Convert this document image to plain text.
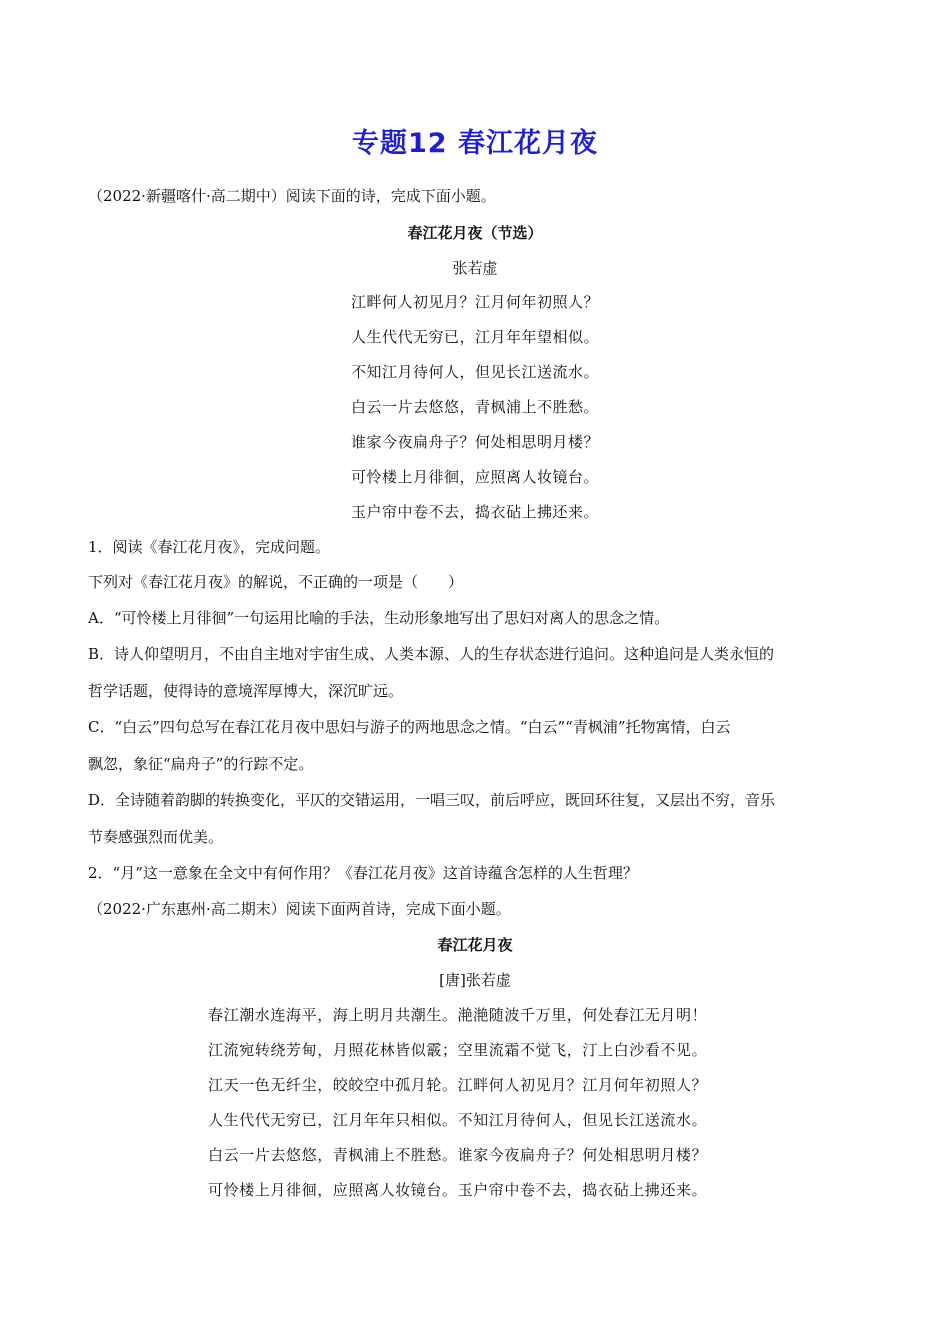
专题12 春江花月夜
（2022·新疆喀什·高二期中）阅读下面的诗，完成下面小题。
春江花月夜（节选）
张若虚
江畔何人初见月？江月何年初照人？
人生代代无穷已，江月年年望相似。
不知江月待何人，但见长江送流水。
白云一片去悠悠，青枫浦上不胜愁。
谁家今夜扁舟子？何处相思明月楼？
可怜楼上月徘徊，应照离人妆镜台。
玉户帘中卷不去，捣衣砧上拂还来。
1．阅读《春江花月夜》，完成问题。
下列对《春江花月夜》的解说，不正确的一项是（　　）
A．“可怜楼上月徘徊”一句运用比喻的手法，生动形象地写出了思妇对离人的思念之情。
B．诗人仰望明月，不由自主地对宇宙生成、人类本源、人的生存状态进行追问。这种追问是人类永恒的
哲学话题，使得诗的意境浑厚博大，深沉旷远。
C．“白云”四句总写在春江花月夜中思妇与游子的两地思念之情。“白云”“青枫浦”托物寓情，白云
飘忽，象征“扁舟子”的行踪不定。
D．全诗随着韵脚的转换变化，平仄的交错运用，一唱三叹，前后呼应，既回环往复，又层出不穷，音乐
节奏感强烈而优美。
2．“月”这一意象在全文中有何作用？《春江花月夜》这首诗蕴含怎样的人生哲理？
（2022·广东惠州·高二期末）阅读下面两首诗，完成下面小题。
春江花月夜
[唐]张若虚
春江潮水连海平，海上明月共潮生。滟滟随波千万里，何处春江无月明！
江流宛转绕芳甸，月照花林皆似霰；空里流霜不觉飞，汀上白沙看不见。
江天一色无纤尘，皎皎空中孤月轮。江畔何人初见月？江月何年初照人？
人生代代无穷已，江月年年只相似。不知江月待何人，但见长江送流水。
白云一片去悠悠，青枫浦上不胜愁。谁家今夜扁舟子？何处相思明月楼？
可怜楼上月徘徊，应照离人妆镜台。玉户帘中卷不去，捣衣砧上拂还来。
